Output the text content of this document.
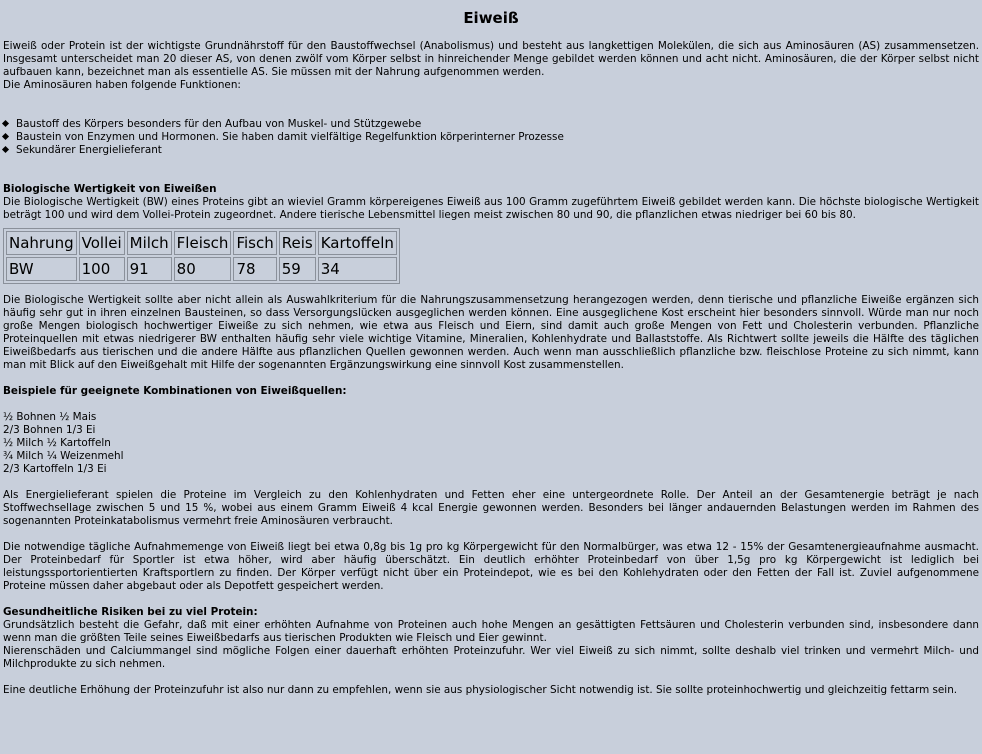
Eiweiß

Eiweiß oder Protein ist der wichtigste Grundnährstoff für den Baustoffwechsel (Anabolismus) und besteht aus langkettigen Molekülen, die sich aus Aminosäuren (AS) zusammensetzen. Insgesamt unterscheidet man 20 dieser AS, von denen zwölf vom Körper selbst in hinreichender Menge gebildet werden können und acht nicht. Aminosäuren, die der Körper selbst nicht aufbauen kann, bezeichnet man als essentielle AS. Sie müssen mit der Nahrung aufgenommen werden.

Die Aminosäuren haben folgende Funktionen:

Baustoff des Körpers besonders für den Aufbau von Muskel- und Stützgewebe
Baustein von Enzymen und Hormonen. Sie haben damit vielfältige Regelfunktion körperinterner Prozesse
Sekundärer Energielieferant
Biologische Wertigkeit von Eiweißen

Die Biologische Wertigkeit (BW) eines Proteins gibt an wieviel Gramm körpereigenes Eiweiß aus 100 Gramm zugeführtem Eiweiß gebildet werden kann. Die höchste biologische Wertigkeit beträgt 100 und wird dem Vollei-Protein zugeordnet. Andere tierische Lebensmittel liegen meist zwischen 80 und 90, die pflanzlichen etwas niedriger bei 60 bis 80.

Nahrung	Vollei	Milch	Fleisch	Fisch	Reis	Kartoffeln
BW	100	91	80	78	59	34

Die Biologische Wertigkeit sollte aber nicht allein als Auswahlkriterium für die Nahrungszusammensetzung herangezogen werden, denn tierische und pflanzliche Eiweiße ergänzen sich häufig sehr gut in ihren einzelnen Bausteinen, so dass Versorgungslücken ausgeglichen werden können. Eine ausgeglichene Kost erscheint hier besonders sinnvoll. Würde man nur noch große Mengen biologisch hochwertiger Eiweiße zu sich nehmen, wie etwa aus Fleisch und Eiern, sind damit auch große Mengen von Fett und Cholesterin verbunden. Pflanzliche Proteinquellen mit etwas niedrigerer BW enthalten häufig sehr viele wichtige Vitamine, Mineralien, Kohlenhydrate und Ballaststoffe. Als Richtwert sollte jeweils die Hälfte des täglichen Eiweißbedarfs aus tierischen und die andere Hälfte aus pflanzlichen Quellen gewonnen werden. Auch wenn man ausschließlich pflanzliche bzw. fleischlose Proteine zu sich nimmt, kann man mit Blick auf den Eiweißgehalt mit Hilfe der sogenannten Ergänzungswirkung eine sinnvoll Kost zusammenstellen.

Beispiele für geeignete Kombinationen von Eiweißquellen:
½ Bohnen ½ Mais
2/3 Bohnen 1/3 Ei
½ Milch ½ Kartoffeln
¾ Milch ¼ Weizenmehl
2/3 Kartoffeln 1/3 Ei

Als Energielieferant spielen die Proteine im Vergleich zu den Kohlenhydraten und Fetten eher eine untergeordnete Rolle. Der Anteil an der Gesamtenergie beträgt je nach Stoffwechsellage zwischen 5 und 15 %, wobei aus einem Gramm Eiweiß 4 kcal Energie gewonnen werden. Besonders bei länger andauernden Belastungen werden im Rahmen des sogenannten Proteinkatabolismus vermehrt freie Aminosäuren verbraucht.

Die notwendige tägliche Aufnahmemenge von Eiweiß liegt bei etwa 0,8g bis 1g pro kg Körpergewicht für den Normalbürger, was etwa 12 - 15% der Gesamtenergieaufnahme ausmacht. Der Proteinbedarf für Sportler ist etwa höher, wird aber häufig überschätzt. Ein deutlich erhöhter Proteinbedarf von über 1,5g pro kg Körpergewicht ist lediglich bei leistungssportorientierten Kraftsportlern zu finden. Der Körper verfügt nicht über ein Proteindepot, wie es bei den Kohlehydraten oder den Fetten der Fall ist. Zuviel aufgenommene Proteine müssen daher abgebaut oder als Depotfett gespeichert werden.

Gesundheitliche Risiken bei zu viel Protein:

Grundsätzlich besteht die Gefahr, daß mit einer erhöhten Aufnahme von Proteinen auch hohe Mengen an gesättigten Fettsäuren und Cholesterin verbunden sind, insbesondere dann wenn man die größten Teile seines Eiweißbedarfs aus tierischen Produkten wie Fleisch und Eier gewinnt.

Nierenschäden und Calciummangel sind mögliche Folgen einer dauerhaft erhöhten Proteinzufuhr. Wer viel Eiweiß zu sich nimmt, sollte deshalb viel trinken und vermehrt Milch- und Milchprodukte zu sich nehmen.

Eine deutliche Erhöhung der Proteinzufuhr ist also nur dann zu empfehlen, wenn sie aus physiologischer Sicht notwendig ist. Sie sollte proteinhochwertig und gleichzeitig fettarm sein.
